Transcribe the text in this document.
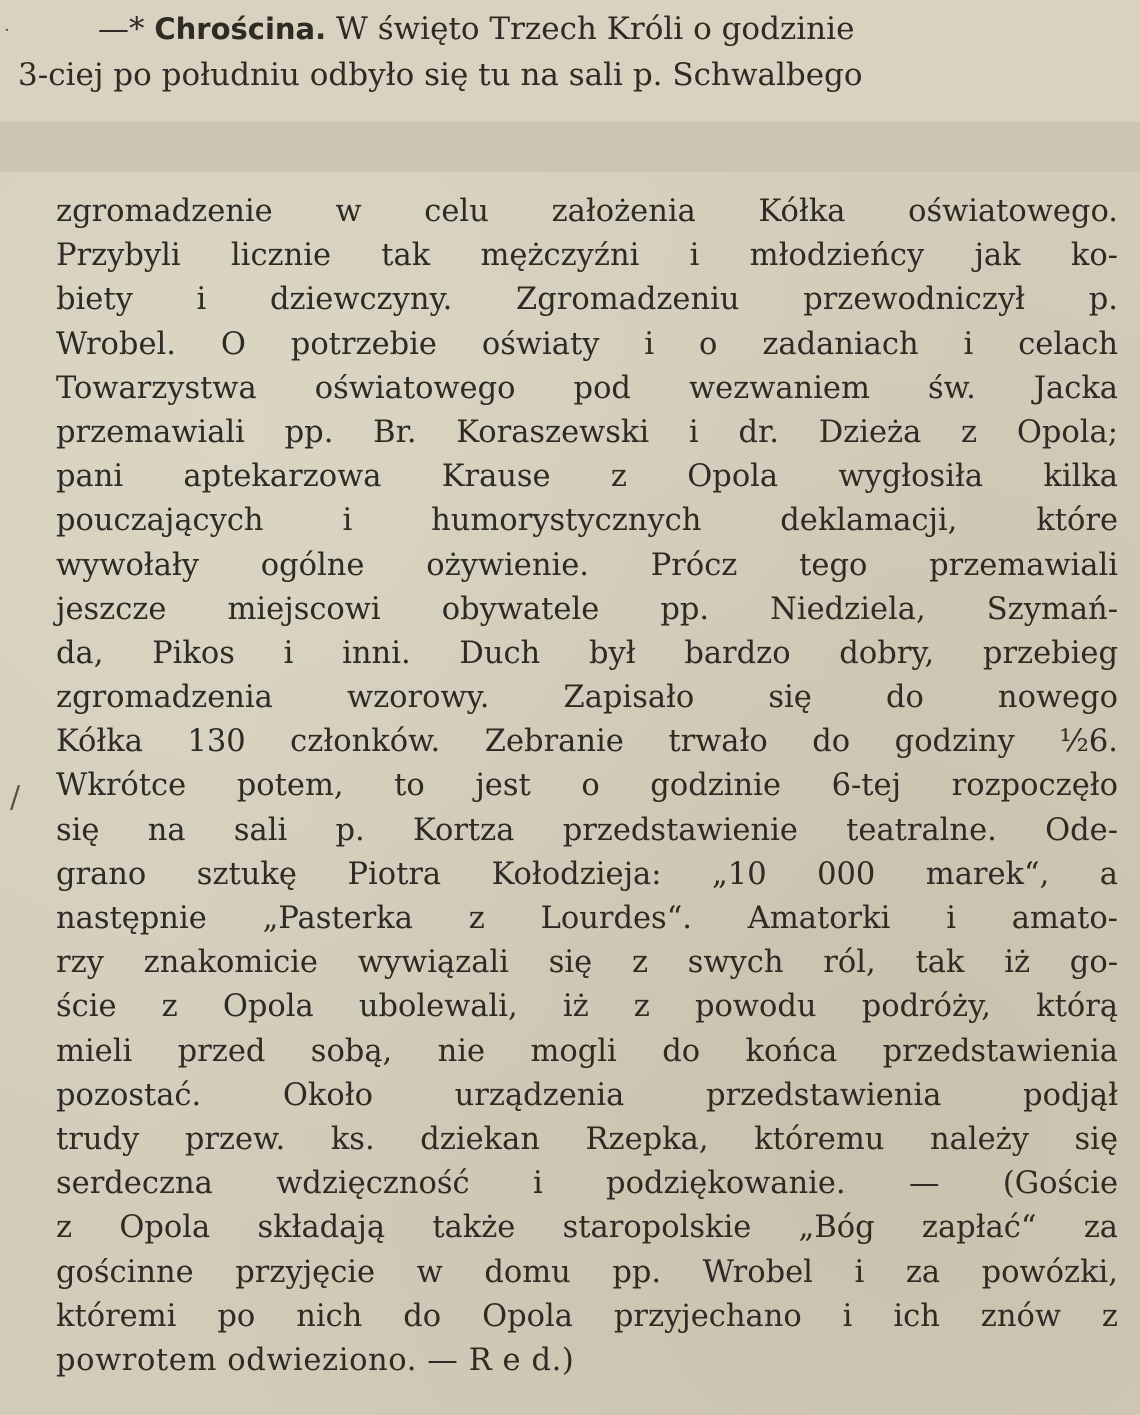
·
/
—* Chrościna. W święto Trzech Króli o godzinie
3-ciej po południu odbyło się tu na sali p. Schwalbego
zgromadzenie w celu założenia Kółka oświatowego.
Przybyli licznie tak mężczyźni i młodzieńcy jak ko-
biety i dziewczyny. Zgromadzeniu przewodniczył p.
Wrobel. O potrzebie oświaty i o zadaniach i celach
Towarzystwa oświatowego pod wezwaniem św. Jacka
przemawiali pp. Br. Koraszewski i dr. Dzieża z Opola;
pani aptekarzowa Krause z Opola wygłosiła kilka
pouczających i humorystycznych deklamacji, które
wywołały ogólne ożywienie. Prócz tego przemawiali
jeszcze miejscowi obywatele pp. Niedziela, Szymań-
da, Pikos i inni. Duch był bardzo dobry, przebieg
zgromadzenia wzorowy. Zapisało się do nowego
Kółka 130 członków. Zebranie trwało do godziny ½6.
Wkrótce potem, to jest o godzinie 6-tej rozpoczęło
się na sali p. Kortza przedstawienie teatralne. Ode-
grano sztukę Piotra Kołodzieja: „10 000 marek“, a
następnie „Pasterka z Lourdes“. Amatorki i amato-
rzy znakomicie wywiązali się z swych ról, tak iż go-
ście z Opola ubolewali, iż z powodu podróży, którą
mieli przed sobą, nie mogli do końca przedstawienia
pozostać. Około urządzenia przedstawienia podjął
trudy przew. ks. dziekan Rzepka, któremu należy się
serdeczna wdzięczność i podziękowanie. — (Goście
z Opola składają także staropolskie „Bóg zapłać“ za
gościnne przyjęcie w domu pp. Wrobel i za powózki,
któremi po nich do Opola przyjechano i ich znów z
powrotem odwieziono. — R e d.)
